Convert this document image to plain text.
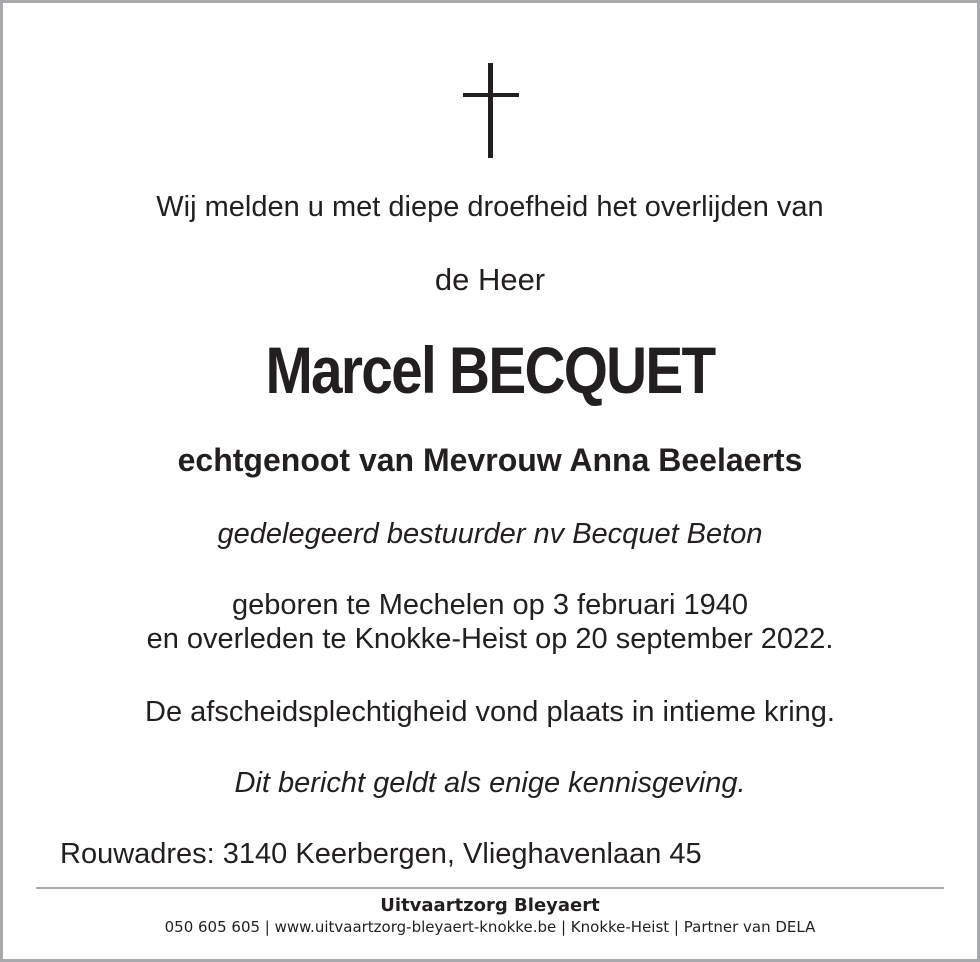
Wij melden u met diepe droefheid het overlijden van
de Heer
Marcel BECQUET
echtgenoot van Mevrouw Anna Beelaerts
gedelegeerd bestuurder nv Becquet Beton
geboren te Mechelen op 3 februari 1940
en overleden te Knokke-Heist op 20 september 2022.
De afscheidsplechtigheid vond plaats in intieme kring.
Dit bericht geldt als enige kennisgeving.
Rouwadres: 3140 Keerbergen, Vlieghavenlaan 45
Uitvaartzorg Bleyaert
050 605 605 | www.uitvaartzorg-bleyaert-knokke.be | Knokke-Heist | Partner van DELA
